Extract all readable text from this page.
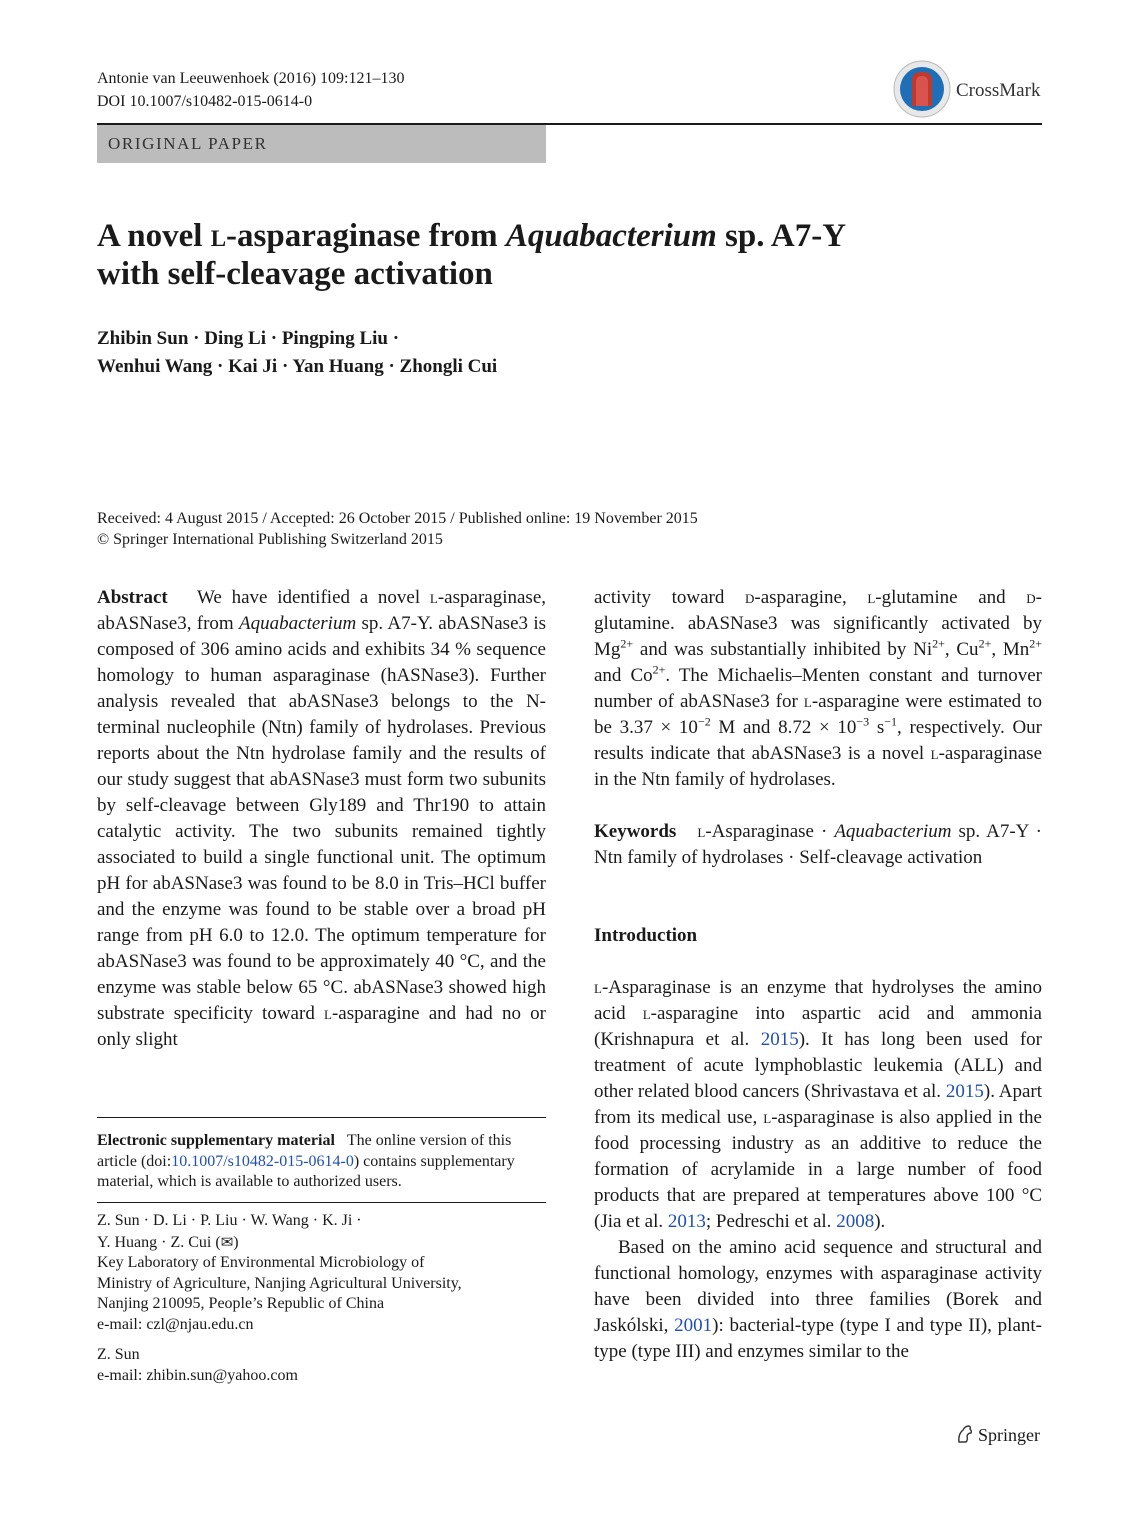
Antonie van Leeuwenhoek (2016) 109:121–130
DOI 10.1007/s10482-015-0614-0
CrossMark
ORIGINAL PAPER
A novel l-asparaginase from Aquabacterium sp. A7-Y
with self-cleavage activation
Zhibin Sun · Ding Li · Pingping Liu ·
Wenhui Wang · Kai Ji · Yan Huang · Zhongli Cui
Received: 4 August 2015 / Accepted: 26 October 2015 / Published online: 19 November 2015
© Springer International Publishing Switzerland 2015

Abstract We have identified a novel l-asparaginase, abASNase3, from Aquabacterium sp. A7-Y. abASNase3 is composed of 306 amino acids and exhibits 34 % sequence homology to human asparaginase (hASNase3). Further analysis revealed that abASNase3 belongs to the N-terminal nucleophile (Ntn) family of hydrolases. Previous reports about the Ntn hydrolase family and the results of our study suggest that abASNase3 must form two subunits by self-cleavage between Gly189 and Thr190 to attain catalytic activity. The two subunits remained tightly associated to build a single functional unit. The optimum pH for abASNase3 was found to be 8.0 in Tris–HCl buffer and the enzyme was found to be stable over a broad pH range from pH 6.0 to 12.0. The optimum temperature for abASNase3 was found to be approximately 40 °C, and the enzyme was stable below 65 °C. abASNase3 showed high substrate specificity toward l-asparagine and had no or only slight

Electronic supplementary material The online version of this article (doi:10.1007/s10482-015-0614-0) contains supplementary material, which is available to authorized users.

Z. Sun · D. Li · P. Liu · W. Wang · K. Ji ·

Y. Huang · Z. Cui (✉)

Key Laboratory of Environmental Microbiology of

Ministry of Agriculture, Nanjing Agricultural University,

Nanjing 210095, People’s Republic of China

e-mail: czl@njau.edu.cn

Z. Sun

e-mail: zhibin.sun@yahoo.com

activity toward d-asparagine, l-glutamine and d-glutamine. abASNase3 was significantly activated by $Mg^{2+}$ and was substantially inhibited by $Ni^{2+}$, $Cu^{2+}$, $Mn^{2+}$ and $Co^{2+}$. The Michaelis–Menten constant and turnover number of abASNase3 for l-asparagine were estimated to be $3.37 \times 10^{-2}$ M and $8.72 \times 10^{-3}$ $s^{-1}$, respectively. Our results indicate that abASNase3 is a novel l-asparaginase in the Ntn family of hydrolases.

Keywords l-Asparaginase · Aquabacterium sp. A7-Y · Ntn family of hydrolases · Self-cleavage activation

Introduction

l-Asparaginase is an enzyme that hydrolyses the amino acid l-asparagine into aspartic acid and ammonia (Krishnapura et al. 2015). It has long been used for treatment of acute lymphoblastic leukemia (ALL) and other related blood cancers (Shrivastava et al. 2015). Apart from its medical use, l-asparaginase is also applied in the food processing industry as an additive to reduce the formation of acrylamide in a large number of food products that are prepared at temperatures above 100 °C (Jia et al. 2013; Pedreschi et al. 2008).

Based on the amino acid sequence and structural and functional homology, enzymes with asparaginase activity have been divided into three families (Borek and Jaskólski, 2001): bacterial-type (type I and type II), plant-type (type III) and enzymes similar to the

Springer
